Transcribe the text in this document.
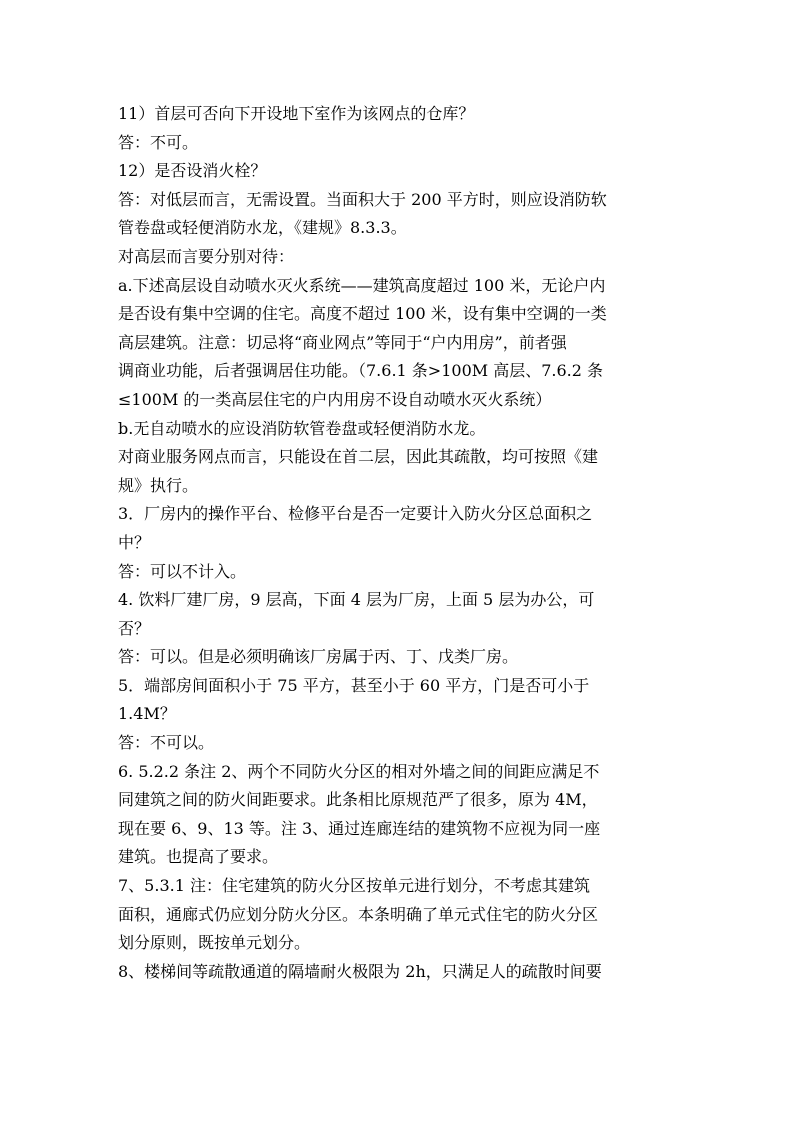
11）首层可否向下开设地下室作为该网点的仓库？
答：不可。
12）是否设消火栓？
答：对低层而言，无需设置。当面积大于 200 平方时，则应设消防软
管卷盘或轻便消防水龙，《建规》8.3.3。
对高层而言要分别对待：
a.下述高层设自动喷水灭火系统——建筑高度超过 100 米，无论户内
是否设有集中空调的住宅。高度不超过 100 米，设有集中空调的一类
高层建筑。注意：切忌将“商业网点”等同于“户内用房”，前者强
调商业功能，后者强调居住功能。（7.6.1 条>100M 高层、7.6.2 条
≤100M 的一类高层住宅的户内用房不设自动喷水灭火系统）
b.无自动喷水的应设消防软管卷盘或轻便消防水龙。
对商业服务网点而言，只能设在首二层，因此其疏散，均可按照《建
规》执行。
3．厂房内的操作平台、检修平台是否一定要计入防火分区总面积之
中？
答：可以不计入。
4. 饮料厂建厂房，9 层高，下面 4 层为厂房，上面 5 层为办公，可
否？
答：可以。但是必须明确该厂房属于丙、丁、戊类厂房。
5．端部房间面积小于 75 平方，甚至小于 60 平方，门是否可小于
1.4M？
答：不可以。
6. 5.2.2 条注 2、两个不同防火分区的相对外墙之间的间距应满足不
同建筑之间的防火间距要求。此条相比原规范严了很多，原为 4M，
现在要 6、9、13 等。注 3、通过连廊连结的建筑物不应视为同一座
建筑。也提高了要求。
7、5.3.1 注：住宅建筑的防火分区按单元进行划分，不考虑其建筑
面积，通廊式仍应划分防火分区。本条明确了单元式住宅的防火分区
划分原则，既按单元划分。
8、楼梯间等疏散通道的隔墙耐火极限为 2h，只满足人的疏散时间要
